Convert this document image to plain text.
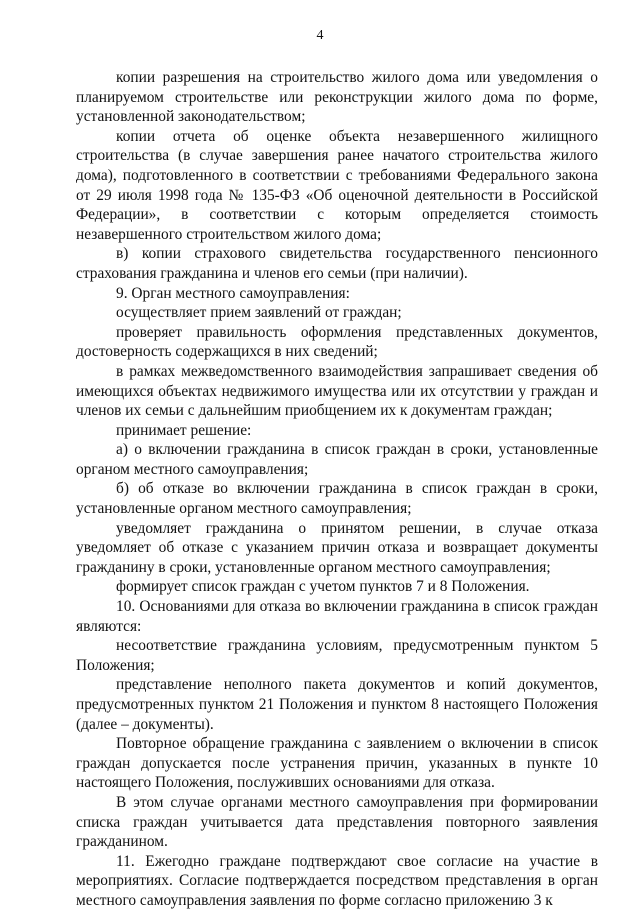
4

копии разрешения на строительство жилого дома или уведомления о планируемом строительстве или реконструкции жилого дома по форме, установленной законодательством;

копии отчета об оценке объекта незавершенного жилищного строительства (в случае завершения ранее начатого строительства жилого дома), подготовленного в соответствии с требованиями Федерального закона от 29 июля 1998 года № 135-ФЗ «Об оценочной деятельности в Российской Федерации», в соответствии с которым определяется стоимость незавершенного строительством жилого дома;

в) копии страхового свидетельства государственного пенсионного страхования гражданина и членов его семьи (при наличии).

9. Орган местного самоуправления:

осуществляет прием заявлений от граждан;

проверяет правильность оформления представленных документов, достоверность содержащихся в них сведений;

в рамках межведомственного взаимодействия запрашивает сведения об имеющихся объектах недвижимого имущества или их отсутствии у граждан и членов их семьи с дальнейшим приобщением их к документам граждан;

принимает решение:

а) о включении гражданина в список граждан в сроки, установленные органом местного самоуправления;

б) об отказе во включении гражданина в список граждан в сроки, установленные органом местного самоуправления;

уведомляет гражданина о принятом решении, в случае отказа уведомляет об отказе с указанием причин отказа и возвращает документы гражданину в сроки, установленные органом местного самоуправления;

формирует список граждан с учетом пунктов 7 и 8 Положения.

10. Основаниями для отказа во включении гражданина в список граждан являются:

несоответствие гражданина условиям, предусмотренным пунктом 5 Положения;

представление неполного пакета документов и копий документов, предусмотренных пунктом 21 Положения и пунктом 8 настоящего Положения (далее – документы).

Повторное обращение гражданина с заявлением о включении в список граждан допускается после устранения причин, указанных в пункте 10 настоящего Положения, послуживших основаниями для отказа.

В этом случае органами местного самоуправления при формировании списка граждан учитывается дата представления повторного заявления гражданином.

11. Ежегодно граждане подтверждают свое согласие на участие в мероприятиях. Согласие подтверждается посредством представления в орган местного самоуправления заявления по форме согласно приложению 3 к
